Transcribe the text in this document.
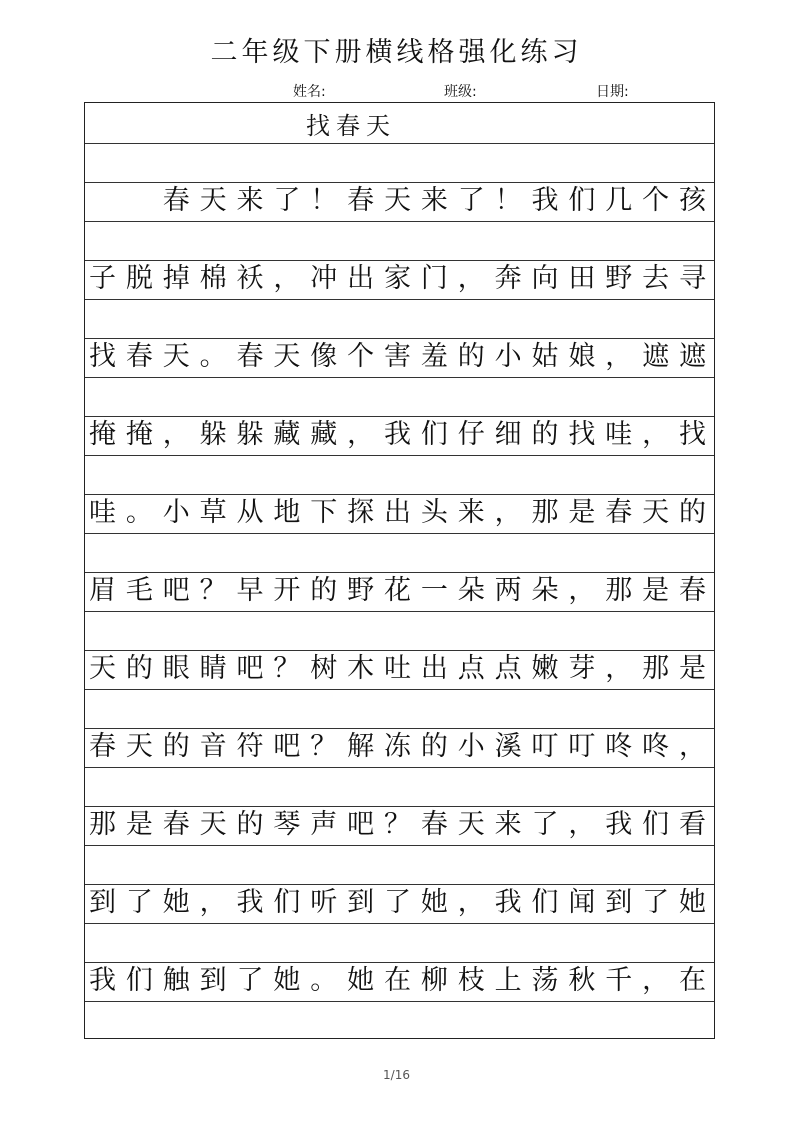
二年级下册横线格强化练习
姓名:	班级:	日期:
找春天
　　春天来了！春天来了！我们几个孩
子脱掉棉袄，冲出家门，奔向田野去寻
找春天。春天像个害羞的小姑娘，遮遮
掩掩，躲躲藏藏，我们仔细的找哇，找
哇。小草从地下探出头来，那是春天的
眉毛吧？早开的野花一朵两朵，那是春
天的眼睛吧？树木吐出点点嫩芽，那是
春天的音符吧？解冻的小溪叮叮咚咚，
那是春天的琴声吧？春天来了，我们看
到了她，我们听到了她，我们闻到了她
我们触到了她。她在柳枝上荡秋千，在
1/16
